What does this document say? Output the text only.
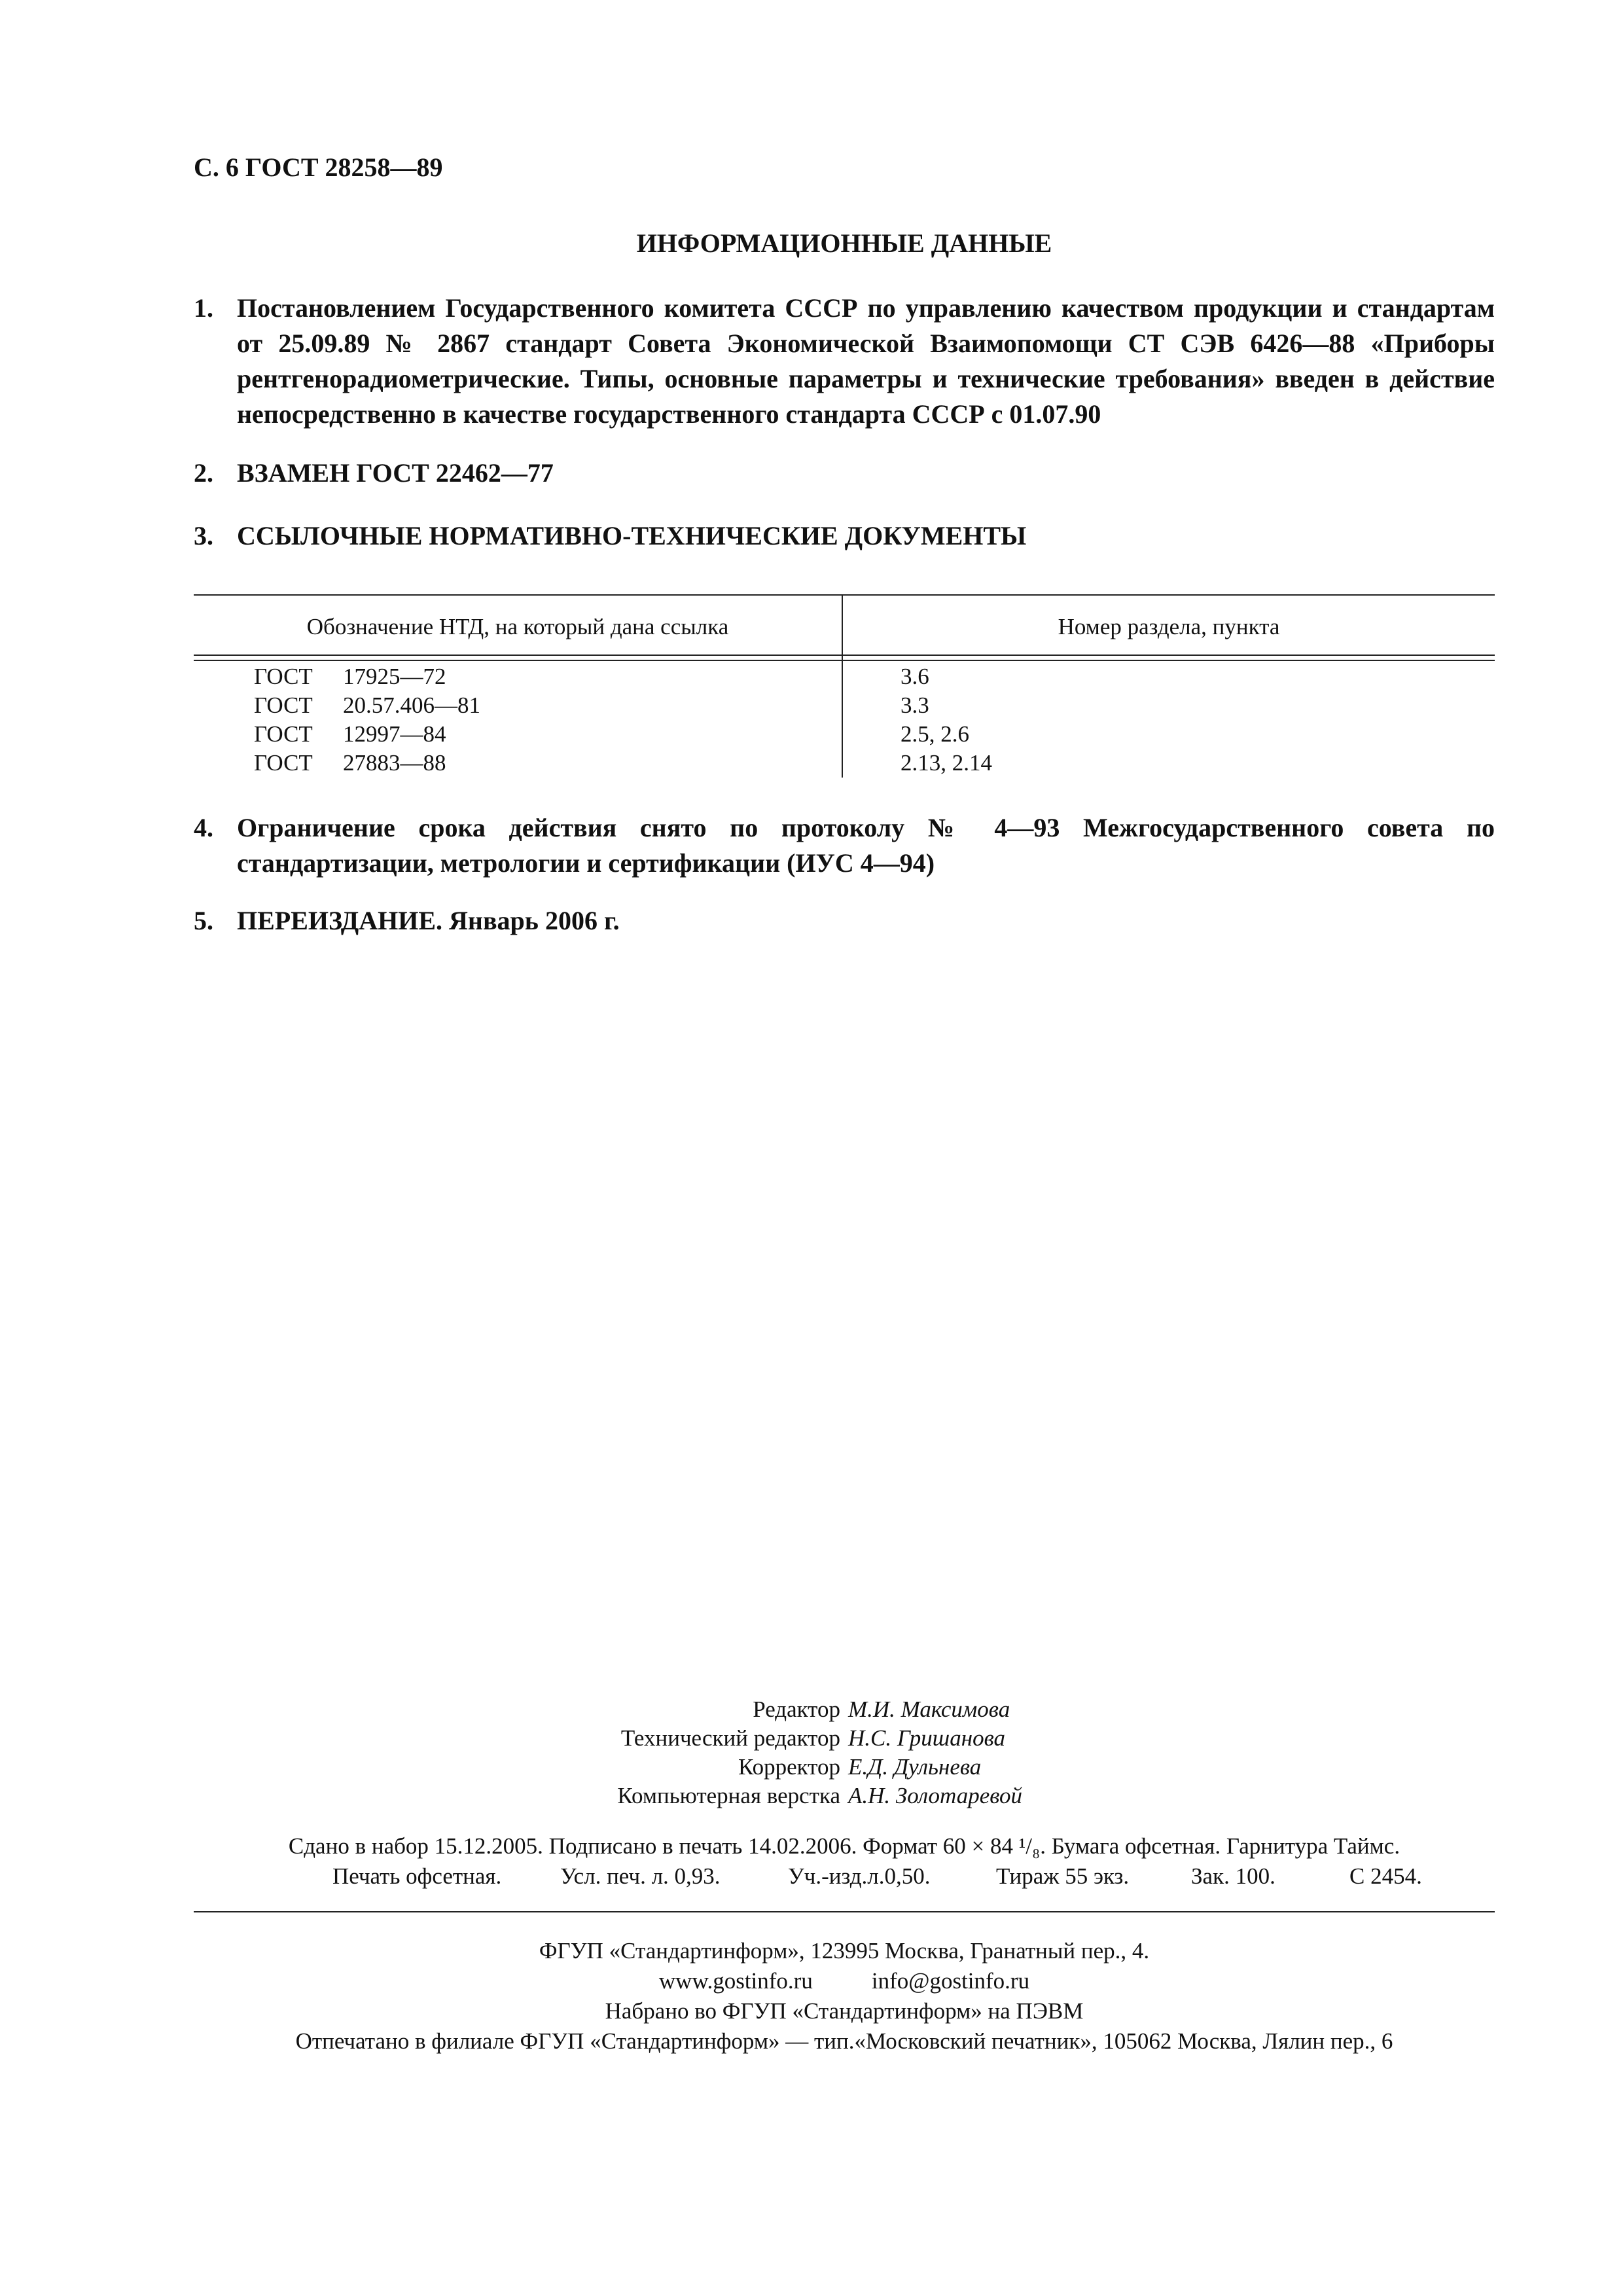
С. 6 ГОСТ 28258—89
ИНФОРМАЦИОННЫЕ ДАННЫЕ
1. Постановлением Государственного комитета СССР по управлению качеством продукции и стандартам от 25.09.89 № 2867 стандарт Совета Экономической Взаимопомощи СТ СЭВ 6426—88 «Приборы рентгенорадиометрические. Типы, основные параметры и технические требования» введен в действие непосредственно в качестве государственного стандарта СССР с 01.07.90
2. ВЗАМЕН ГОСТ 22462—77
3. ССЫЛОЧНЫЕ НОРМАТИВНО-ТЕХНИЧЕСКИЕ ДОКУМЕНТЫ
Обозначение НТД, на который дана ссылка	Номер раздела, пункта
ГОСТ 17925—72	3.6
ГОСТ 20.57.406—81	3.3
ГОСТ 12997—84	2.5, 2.6
ГОСТ 27883—88	2.13, 2.14
4. Ограничение срока действия снято по протоколу № 4—93 Межгосударственного совета по стандартизации, метрологии и сертификации (ИУС 4—94)
5. ПЕРЕИЗДАНИЕ. Январь 2006 г.
Редактор М.И. Максимова
Технический редактор Н.С. Гришанова
Корректор Е.Д. Дульнева
Компьютерная верстка А.Н. Золотаревой
Сдано в набор 15.12.2005. Подписано в печать 14.02.2006. Формат 60 × 84 ¹/₈. Бумага офсетная. Гарнитура Таймс.
Печать офсетная.	Усл. печ. л. 0,93.	Уч.-изд.л.0,50.	Тираж 55 экз.	Зак. 100.	С 2454.
ФГУП «Стандартинформ», 123995 Москва, Гранатный пер., 4.
www.gostinfo.ru	info@gostinfo.ru
Набрано во ФГУП «Стандартинформ» на ПЭВМ
Отпечатано в филиале ФГУП «Стандартинформ» — тип.«Московский печатник», 105062 Москва, Лялин пер., 6
